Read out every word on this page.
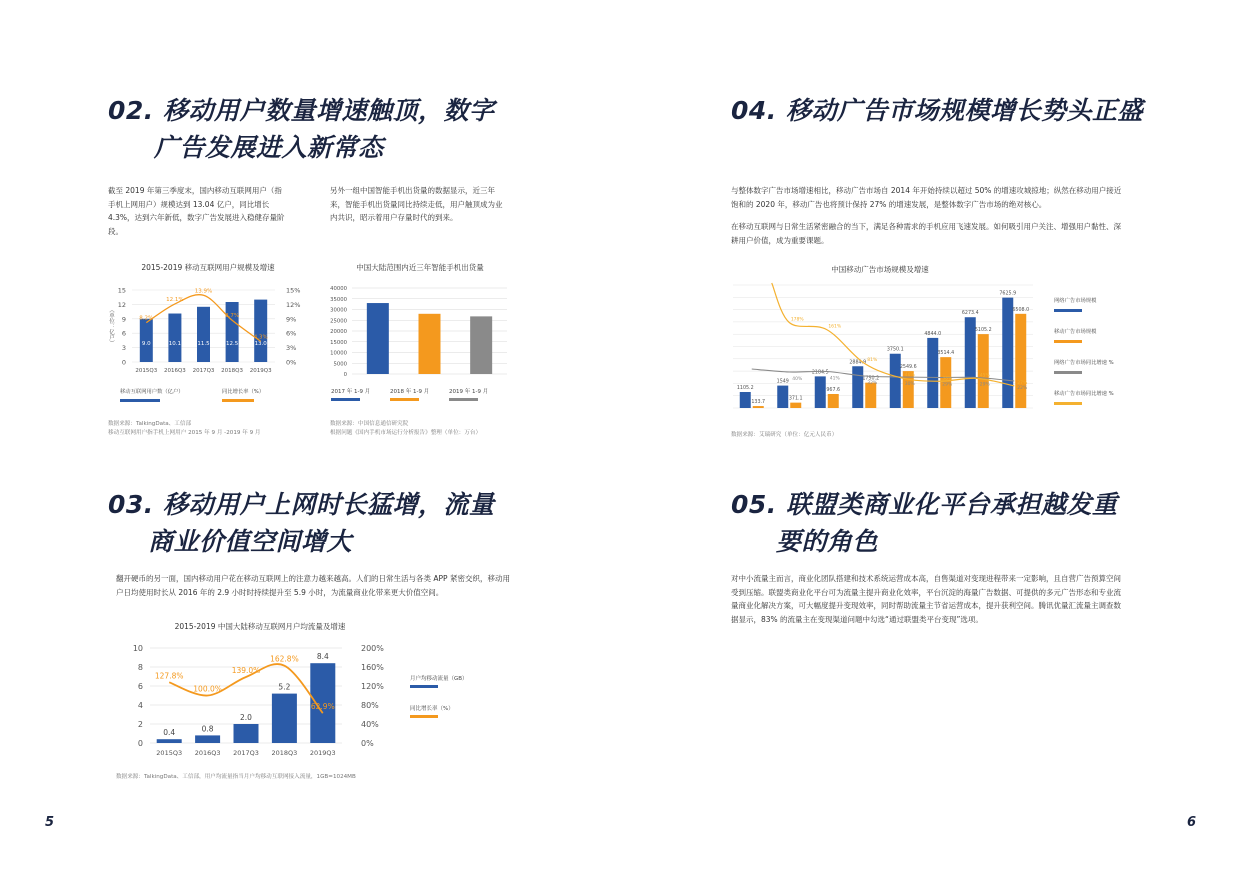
02. 移动用户数量增速触顶，数字
广告发展进入新常态
截至 2019 年第三季度末，国内移动互联网用户（指手机上网用户）规模达到 13.04 亿户，同比增长 4.3%，达到六年新低，数字广告发展进入稳健存量阶段。
另外一组中国智能手机出货量的数据显示，近三年来，智能手机出货量同比持续走低，用户触顶成为业内共识，昭示着用户存量时代的到来。
2015-2019 移动互联网用户规模及增速
15	15%
12	12%
9	9%
6	6%
3	3%
0	0%
（单位：亿户）	9.0
2015Q3
10.1
2016Q3
11.5
2017Q3
12.5
2018Q3
13.0
2019Q3
8.2%
12.1%
13.9%
8.7%
4.3%
移动互联网用户数（亿户）	同比增长率（%）
数据来源：TalkingData、工信部
移动互联网用户指手机上网用户 2015 年 9 月 -2019 年 9 月
中国大陆范围内近三年智能手机出货量
40000
35000
30000
25000
20000
15000
10000
5000
0
2017 年 1-9 月	2018 年 1-9 月	2019 年 1-9 月
数据来源：中国信息通信研究院
根据问题《国内手机市场运行分析报告》整理（单位：万台）
03. 移动用户上网时长猛增，流量
商业价值空间增大
翻开硬币的另一面，国内移动用户花在移动互联网上的注意力越来越高。人们的日常生活与各类 APP 紧密交织，移动用户日均使用时长从 2016 年的 2.9 小时时持续提升至 5.9 小时，为流量商业化带来更大价值空间。
2015-2019 中国大陆移动互联网月户均流量及增速
10	200%
8	160%
6	120%
4	80%
2	40%
0	0%
0.4
2015Q3
0.8
2016Q3
2.0
2017Q3
5.2
2018Q3
8.4
2019Q3
127.8%
100.0%
139.0%
162.8%
62.9%
月户均移动流量（GB）
同比增长率（%）
数据来源：TalkingData、工信部，用户均流量指当月户均移动互联网接入流量，1GB=1024MB
5
04. 移动广告市场规模增长势头正盛
与整体数字广告市场增速相比，移动广告市场自 2014 年开始持续以超过 50% 的增速攻城掠地；纵然在移动用户接近饱和的 2020 年，移动广告也将预计保持 27% 的增速发展，是整体数字广告市场的绝对核心。
在移动互联网与日常生活紧密融合的当下，满足各种需求的手机应用飞速发展。如何吸引用户关注、增强用户黏性、深耕用户价值，成为重要课题。
中国移动广告市场规模及增速
1105.2
133.7
1549
371.1
2184.5
967.6
2884.9
1750.2
3750.1
2549.6
4844.0
3514.4
6273.4
5105.2
7625.9
6508.0
40%	41%
32%	30%	29%	29%
22%
178%
161%
81%
46%
38%
45%
27%
网络广告市场规模
移动广告市场规模
网络广告市场同比增速 %
移动广告市场同比增速 %
数据来源：艾瑞研究（单位：亿元人民币）
05. 联盟类商业化平台承担越发重
要的角色
对中小流量主而言，商业化团队搭建和技术系统运营成本高，自售渠道对变现进程带来一定影响，且自营广告预算空间受到压缩。联盟类商业化平台可为流量主提升商业化效率，平台沉淀的海量广告数据、可提供的多元广告形态和专业流量商业化解决方案，可大幅度提升变现效率，同时帮助流量主节省运营成本，提升获利空间。腾讯优量汇流量主调查数据显示，83% 的流量主在变现渠道问题中勾选“通过联盟类平台变现”选项。
6
